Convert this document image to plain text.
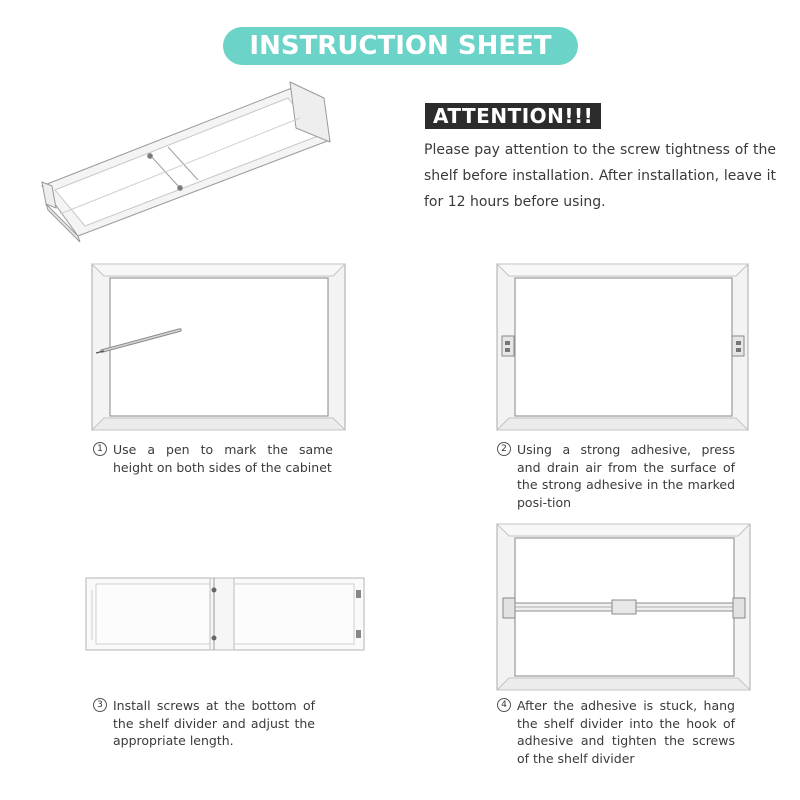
INSTRUCTION SHEET
ATTENTION!!!
Please pay attention to the screw tightness of the shelf before installation. After installation, leave it for 12 hours before using.
1 Use a pen to mark the same height on both sides of the cabinet
2 Using a strong adhesive, press and drain air from the surface of the strong adhesive in the marked posi-tion
3 Install screws at the bottom of the shelf divider and adjust the appropriate length.
4 After the adhesive is stuck, hang the shelf divider into the hook of adhesive and tighten the screws of the shelf divider
